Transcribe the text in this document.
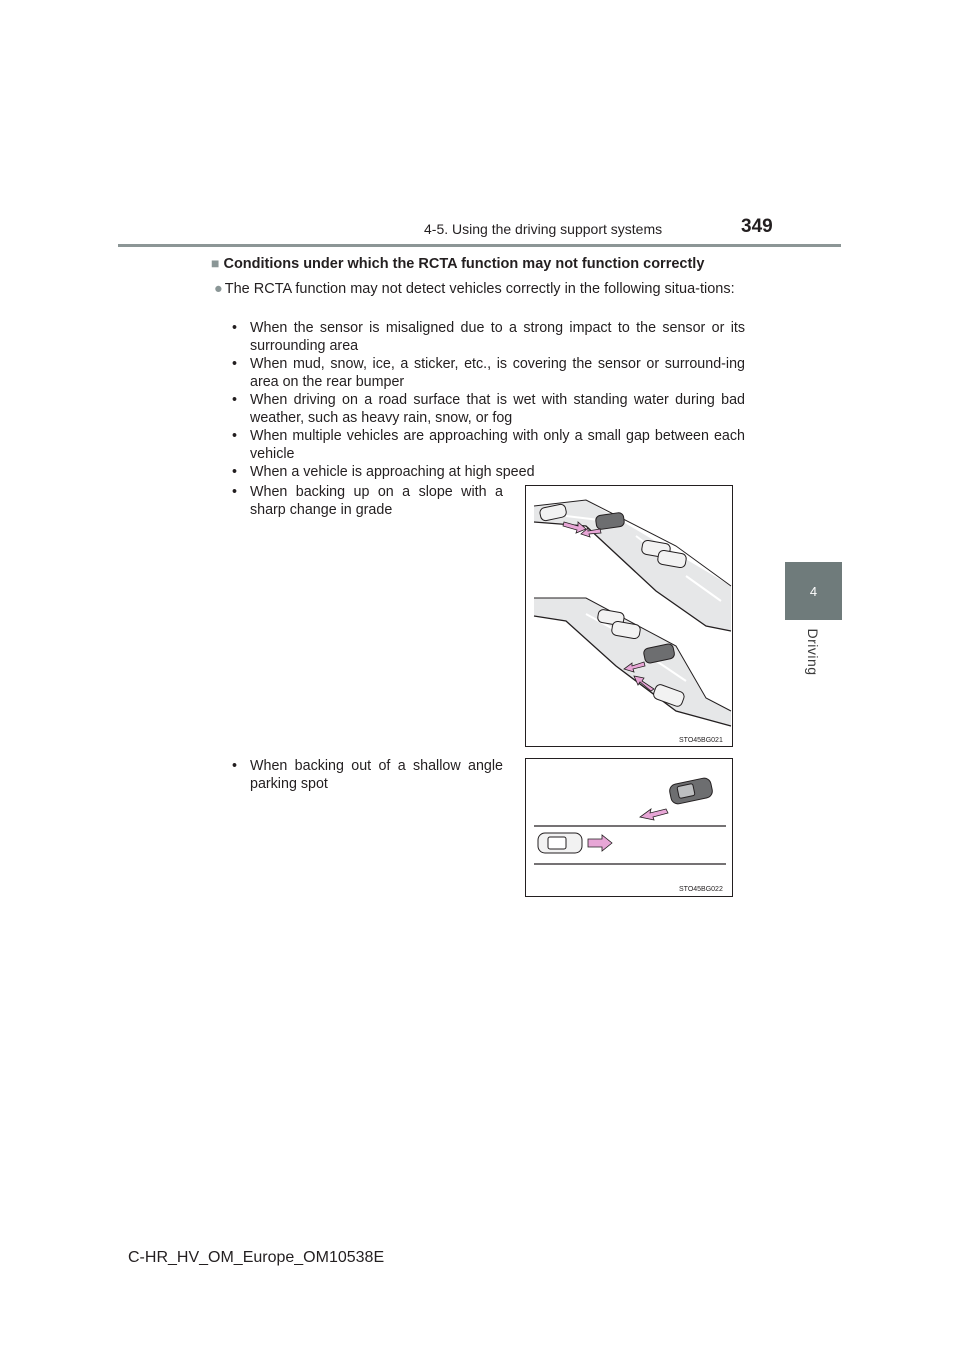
4-5. Using the driving support systems	349
4
Driving
■ Conditions under which the RCTA function may not function correctly
● The RCTA function may not detect vehicles correctly in the following situa-tions:
• When the sensor is misaligned due to a strong impact to the sensor or its surrounding area
• When mud, snow, ice, a sticker, etc., is covering the sensor or surround-ing area on the rear bumper
• When driving on a road surface that is wet with standing water during bad weather, such as heavy rain, snow, or fog
• When multiple vehicles are approaching with only a small gap between each vehicle
• When a vehicle is approaching at high speed
• When backing up on a slope with a sharp change in grade
STO45BG021
• When backing out of a shallow angle parking spot
STO45BG022
C-HR_HV_OM_Europe_OM10538E
